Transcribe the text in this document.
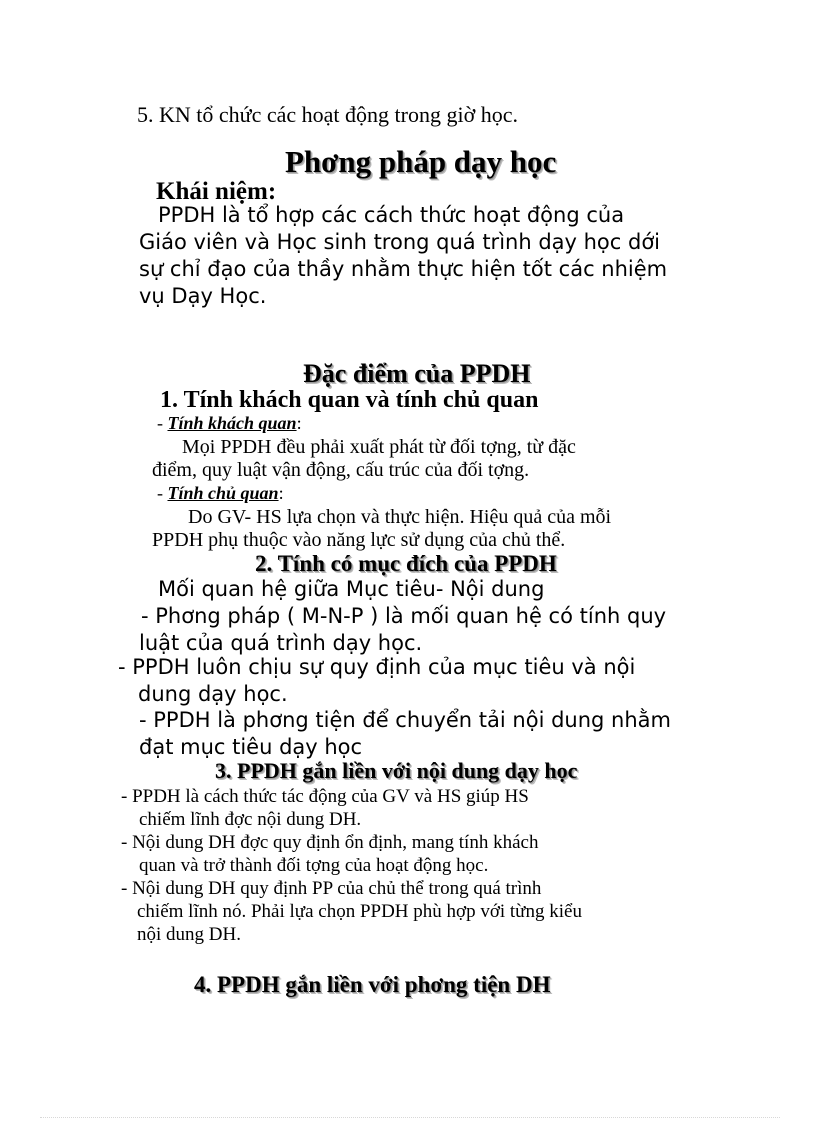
5. KN tổ chức các hoạt động trong giờ học.
Phơng pháp dạy học
Khái niệm:
PPDH là tổ hợp các cách thức hoạt động của
Giáo viên và Học sinh trong quá trình dạy học dới
sự chỉ đạo của thầy nhằm thực hiện tốt các nhiệm
vụ Dạy Học.
Đặc điểm của PPDH
1. Tính khách quan và tính chủ quan
- Tính khách quan:
Mọi PPDH đều phải xuất phát từ đối tợng, từ đặc
điểm, quy luật vận động, cấu trúc của đối tợng.
- Tính chủ quan:
Do GV- HS lựa chọn và thực hiện. Hiệu quả của mỗi
PPDH phụ thuộc vào năng lực sử dụng của chủ thể.
2. Tính có mục đích của PPDH
Mối quan hệ giữa Mục tiêu- Nội dung
- Phơng pháp ( M-N-P ) là mối quan hệ có tính quy
luật của quá trình dạy học.
- PPDH luôn chịu sự quy định của mục tiêu và nội
dung dạy học.
- PPDH là phơng tiện để chuyển tải nội dung nhằm
đạt mục tiêu dạy học
3. PPDH gắn liền với nội dung dạy học
- PPDH là cách thức tác động của GV và HS giúp HS
chiếm lĩnh đợc nội dung DH.
- Nội dung DH đợc quy định ổn định, mang tính khách
quan và trở thành đối tợng của hoạt động học.
- Nội dung DH quy định PP của chủ thể trong quá trình
chiếm lĩnh nó. Phải lựa chọn PPDH phù hợp với từng kiểu
nội dung DH.
4. PPDH gắn liền với phơng tiện DH
